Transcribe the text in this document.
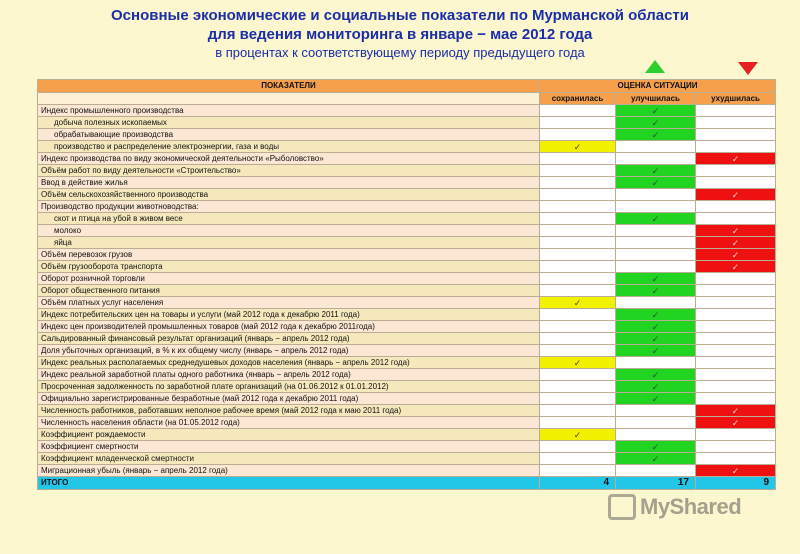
Основные экономические и социальные показатели по Мурманской области
для ведения мониторинга в январе − мае 2012 года
в процентах к соответствующему периоду предыдущего года
ПОКАЗАТЕЛИ	ОЦЕНКА СИТУАЦИИ		
	сохранилась	улучшилась	ухудшилась
Индекс промышленного производства		✓	
добыча полезных ископаемых		✓	
обрабатывающие производства		✓	
производство и распределение электроэнергии, газа и воды	✓		
Индекс производства по виду экономической деятельности «Рыболовство»			✓
Объём работ по виду деятельности «Строительство»		✓	
Ввод в действие жилья		✓	
Объём сельскохозяйственного производства			✓
Производство продукции животноводства:			
скот и птица на убой в живом весе		✓	
молоко			✓
яйца			✓
Объём перевозок грузов			✓
Объём грузооборота транспорта			✓
Оборот розничной торговли		✓	
Оборот общественного питания		✓	
Объём платных услуг населения	✓		
Индекс потребительских цен на товары и услуги (май 2012 года к декабрю 2011 года)		✓	
Индекс цен производителей промышленных товаров (май 2012 года к декабрю 2011года)		✓	
Сальдированный финансовый результат организаций (январь − апрель 2012 года)		✓	
Доля убыточных организаций, в % к их общему числу (январь − апрель 2012 года)		✓	
Индекс реальных располагаемых среднедушевых доходов населения (январь − апрель 2012 года)	✓		
Индекс реальной заработной платы одного работника (январь − апрель 2012 года)		✓	
Просроченная задолженность по заработной плате организаций (на 01.06.2012 к 01.01.2012)		✓	
Официально зарегистрированные безработные (май 2012 года к декабрю 2011 года)		✓	
Численность работников, работавших неполное рабочее время (май 2012 года к маю 2011 года)			✓
Численность населения области (на 01.05.2012 года)			✓
Коэффициент рождаемости	✓		
Коэффициент смертности		✓	
Коэффициент младенческой смертности		✓	
Миграционная убыль (январь − апрель 2012 года)			✓
ИТОГО	4	17	9
MyShared
